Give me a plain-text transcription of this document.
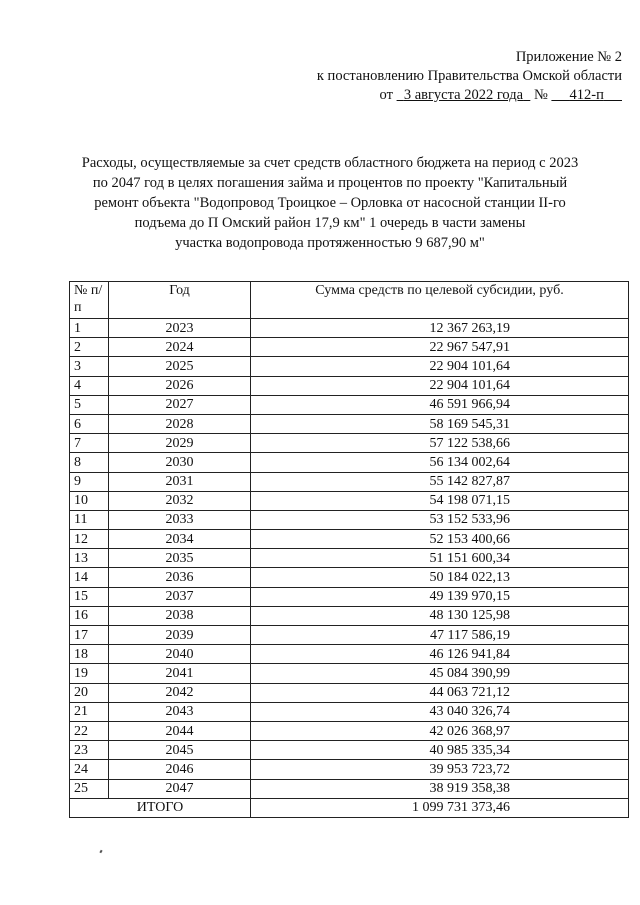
Приложение № 2
к постановлению Правительства Омской области
от 3 августа 2022 года № 412-п
Расходы, осуществляемые за счет средств областного бюджета на период с 2023
по 2047 год в целях погашения займа и процентов по проекту "Капитальный
ремонт объекта "Водопровод Троицкое – Орловка от насосной станции II-го
подъема до П Омский район 17,9 км" 1 очередь в части замены
участка водопровода протяженностью 9 687,90 м"
№ п/п	Год	Сумма средств по целевой субсидии, руб.
1	2023	12 367 263,19
2	2024	22 967 547,91
3	2025	22 904 101,64
4	2026	22 904 101,64
5	2027	46 591 966,94
6	2028	58 169 545,31
7	2029	57 122 538,66
8	2030	56 134 002,64
9	2031	55 142 827,87
10	2032	54 198 071,15
11	2033	53 152 533,96
12	2034	52 153 400,66
13	2035	51 151 600,34
14	2036	50 184 022,13
15	2037	49 139 970,15
16	2038	48 130 125,98
17	2039	47 117 586,19
18	2040	46 126 941,84
19	2041	45 084 390,99
20	2042	44 063 721,12
21	2043	43 040 326,74
22	2044	42 026 368,97
23	2045	40 985 335,34
24	2046	39 953 723,72
25	2047	38 919 358,38
ИТОГО		1 099 731 373,46
